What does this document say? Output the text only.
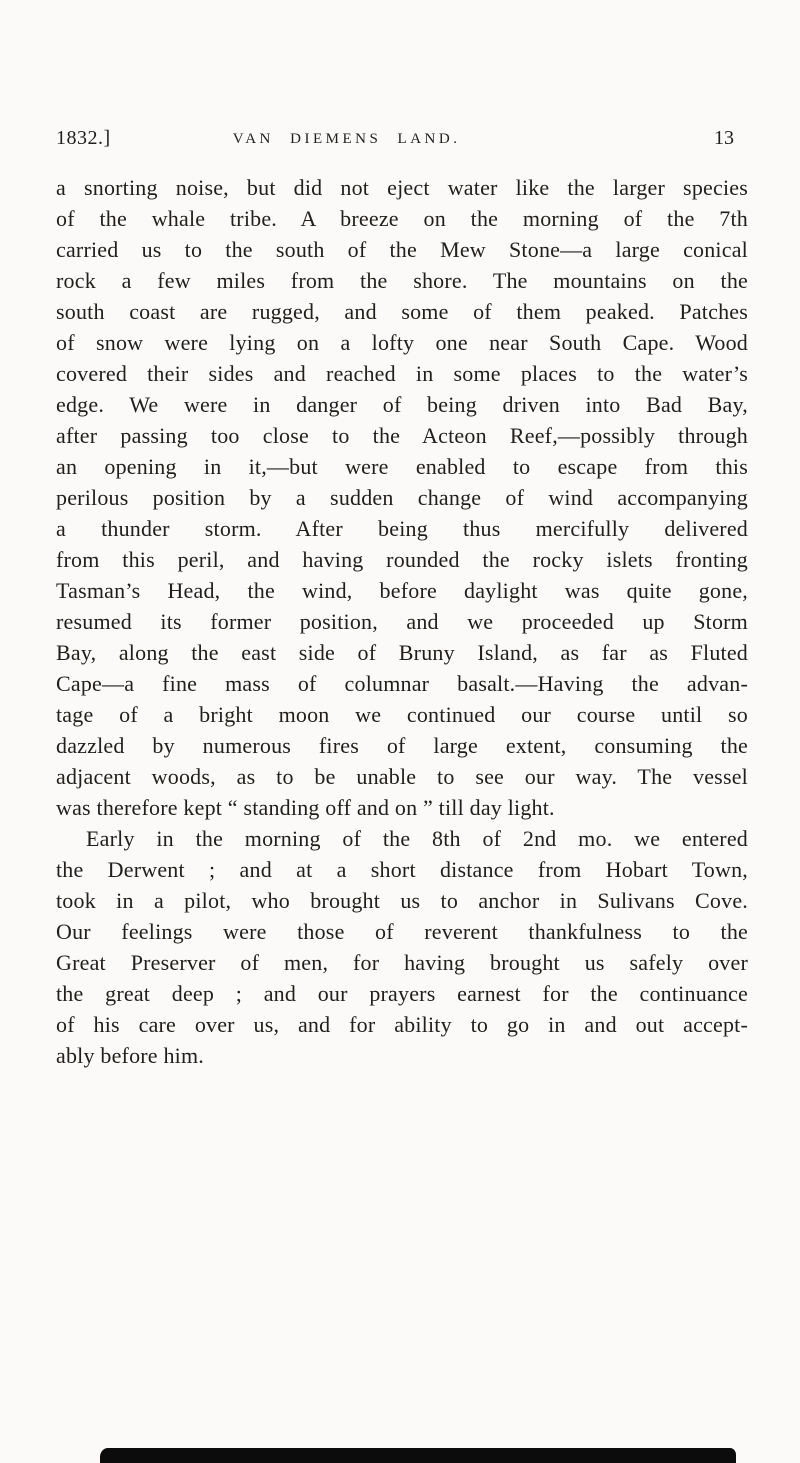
1832.]	VAN DIEMENS LAND.	13
a snorting noise, but did not eject water like the larger species
of the whale tribe. A breeze on the morning of the 7th
carried us to the south of the Mew Stone—a large conical
rock a few miles from the shore. The mountains on the
south coast are rugged, and some of them peaked. Patches
of snow were lying on a lofty one near South Cape. Wood
covered their sides and reached in some places to the water’s
edge. We were in danger of being driven into Bad Bay,
after passing too close to the Acteon Reef,—possibly through
an opening in it,—but were enabled to escape from this
perilous position by a sudden change of wind accompanying
a thunder storm. After being thus mercifully delivered
from this peril, and having rounded the rocky islets fronting
Tasman’s Head, the wind, before daylight was quite gone,
resumed its former position, and we proceeded up Storm
Bay, along the east side of Bruny Island, as far as Fluted
Cape—a fine mass of columnar basalt.—Having the advan-
tage of a bright moon we continued our course until so
dazzled by numerous fires of large extent, consuming the
adjacent woods, as to be unable to see our way. The vessel
was therefore kept “ standing off and on ” till day light.
Early in the morning of the 8th of 2nd mo. we entered
the Derwent ; and at a short distance from Hobart Town,
took in a pilot, who brought us to anchor in Sulivans Cove.
Our feelings were those of reverent thankfulness to the
Great Preserver of men, for having brought us safely over
the great deep ; and our prayers earnest for the continuance
of his care over us, and for ability to go in and out accept-
ably before him.
